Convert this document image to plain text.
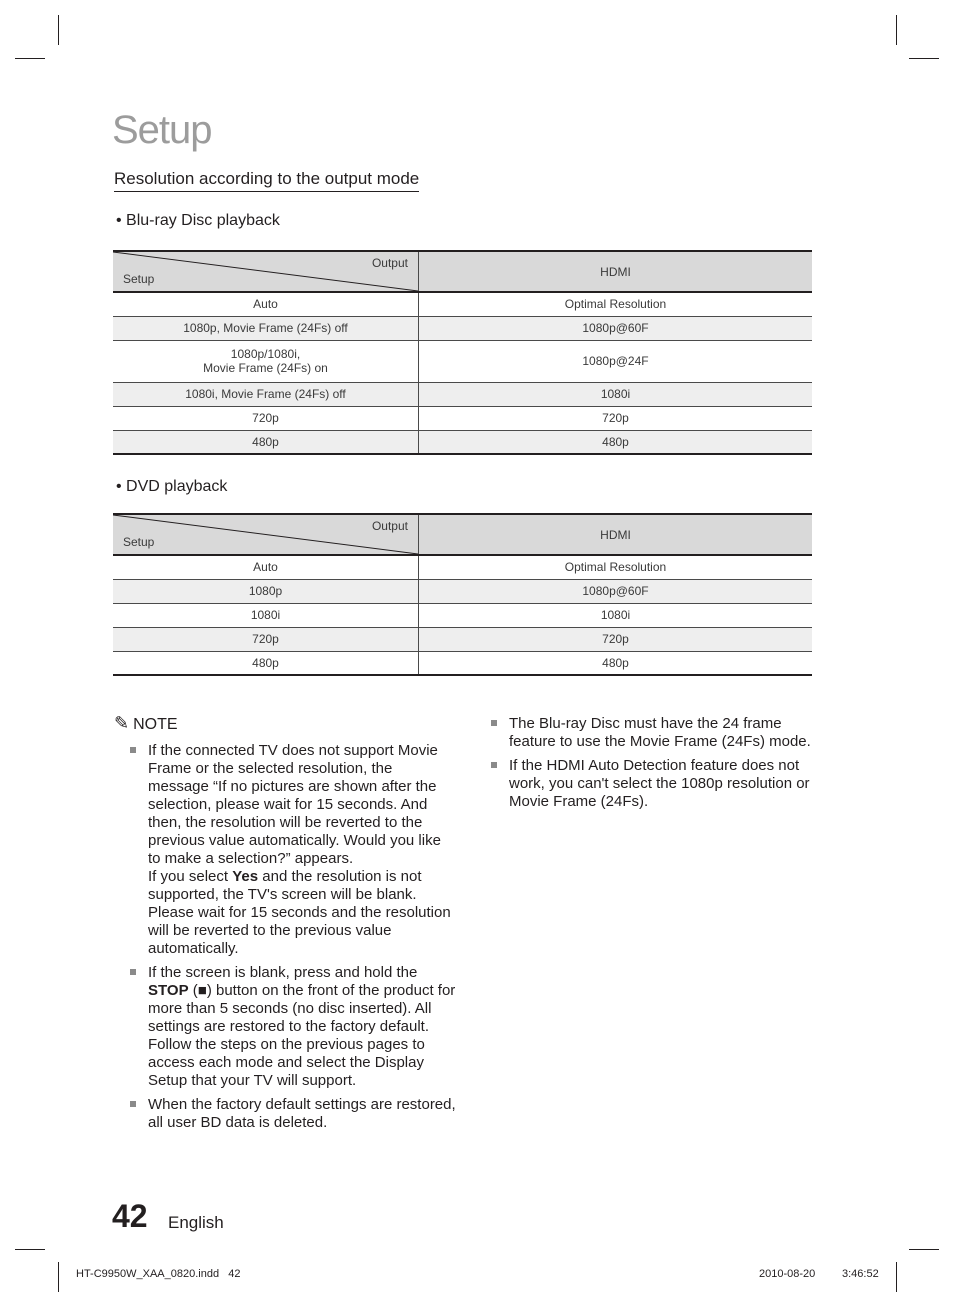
Setup
Resolution according to the output mode
• Blu-ray Disc playback
Output
Setup	HDMI
Auto	Optimal Resolution
1080p, Movie Frame (24Fs) off	1080p@60F

1080p/1080i,
Movie Frame (24Fs) on	1080p@24F
1080i, Movie Frame (24Fs) off	1080i
720p	720p
480p	480p
• DVD playback
Output
Setup	HDMI
Auto	Optimal Resolution
1080p	1080p@60F
1080i	1080i
720p	720p
480p	480p
✎ NOTE
If the connected TV does not support Movie Frame or the selected resolution, the message “If no pictures are shown after the selection, please wait for 15 seconds. And then, the resolution will be reverted to the previous value automatically. Would you like to make a selection?” appears.
If you select Yes and the resolution is not supported, the TV's screen will be blank. Please wait for 15 seconds and the resolution will be reverted to the previous value automatically.
If the screen is blank, press and hold the STOP (■) button on the front of the product for more than 5 seconds (no disc inserted). All settings are restored to the factory default. Follow the steps on the previous pages to access each mode and select the Display Setup that your TV will support.
When the factory default settings are restored, all user BD data is deleted.
The Blu-ray Disc must have the 24 frame feature to use the Movie Frame (24Fs) mode.
If the HDMI Auto Detection feature does not work, you can't select the 1080p resolution or Movie Frame (24Fs).
42 English
HT-C9950W_XAA_0820.indd   42	2010-08-20 3:46:52
